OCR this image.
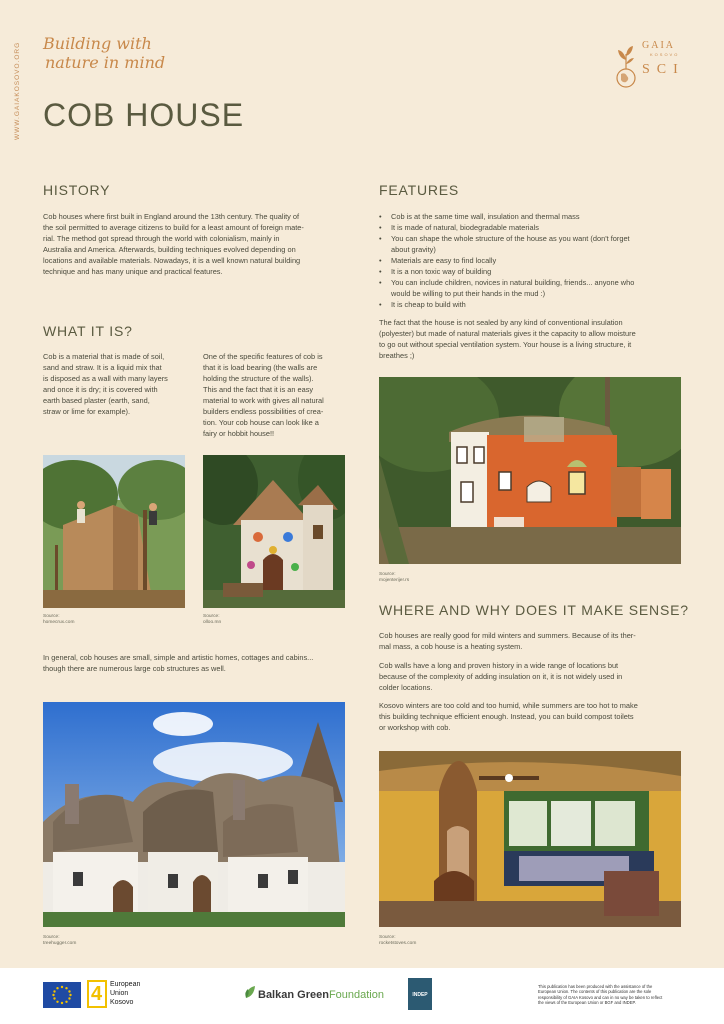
WWW.GAIAKOSOVO.ORG Building with
nature in mind
COB HOUSE
GAIA
KOSOVO
SCI
HISTORY
Cob houses where first built in England around the 13th century. The quality of
the soil permitted to average citizens to build for a least amount of foreign mate-
rial. The method got spread through the world with colonialism, mainly in
Australia and America. Afterwards, building techniques evolved depending on
locations and available materials. Nowadays, it is a well known natural building
technique and has many unique and practical features.
WHAT IT IS?
Cob is a material that is made of soil,
sand and straw. It is a liquid mix that
is disposed as a wall with many layers
and once it is dry; it is covered with
earth based plaster (earth, sand,
straw or lime for example).
One of the specific features of cob is
that it is load bearing (the walls are
holding the structure of the walls).
This and the fact that it is an easy
material to work with gives all natural
builders endless possibilities of crea-
tion. Your cob house can look like a
fairy or hobbit house!!
Source:
homecrux.com
Source:
olloo.mn
In general, cob houses are small, simple and artistic homes, cottages and cabins...
though there are numerous large cob structures as well.
Source:
treehugger.com
FEATURES
• Cob is at the same time wall, insulation and thermal mass
• It is made of natural, biodegradable materials
• You can shape the whole structure of the house as you want (don't forget
about gravity)
• Materials are easy to find locally
• It is a non toxic way of building
• You can include children, novices in natural building, friends... anyone who
would be willing to put their hands in the mud :)
• It is cheap to build with
The fact that the house is not sealed by any kind of conventional insulation
(polyester) but made of natural materials gives it the capacity to allow moisture
to go out without special ventilation system. Your house is a living structure, it
breathes ;)
Source:
mojenterijer.rs
WHERE AND WHY DOES IT MAKE SENSE?
Cob houses are really good for mild winters and summers. Because of its ther-
mal mass, a cob house is a heating system.
Cob walls have a long and proven history in a wide range of locations but
because of the complexity of adding insulation on it, it is not widely used in
colder locations.
Kosovo winters are too cold and too humid, while summers are too hot to make
this building technique efficient enough. Instead, you can build compost toilets
or workshop with cob.
Source:
rocketstoves.com
4 European
Union
Kosovo
Balkan GreenFoundation	INDEP
This publication has been produced with the assistance of the
European Union. The contents of this publication are the sole
responsibility of GAIA Kosovo and can in no way be taken to reflect
the views of the European Union or BGF and INDEP.
